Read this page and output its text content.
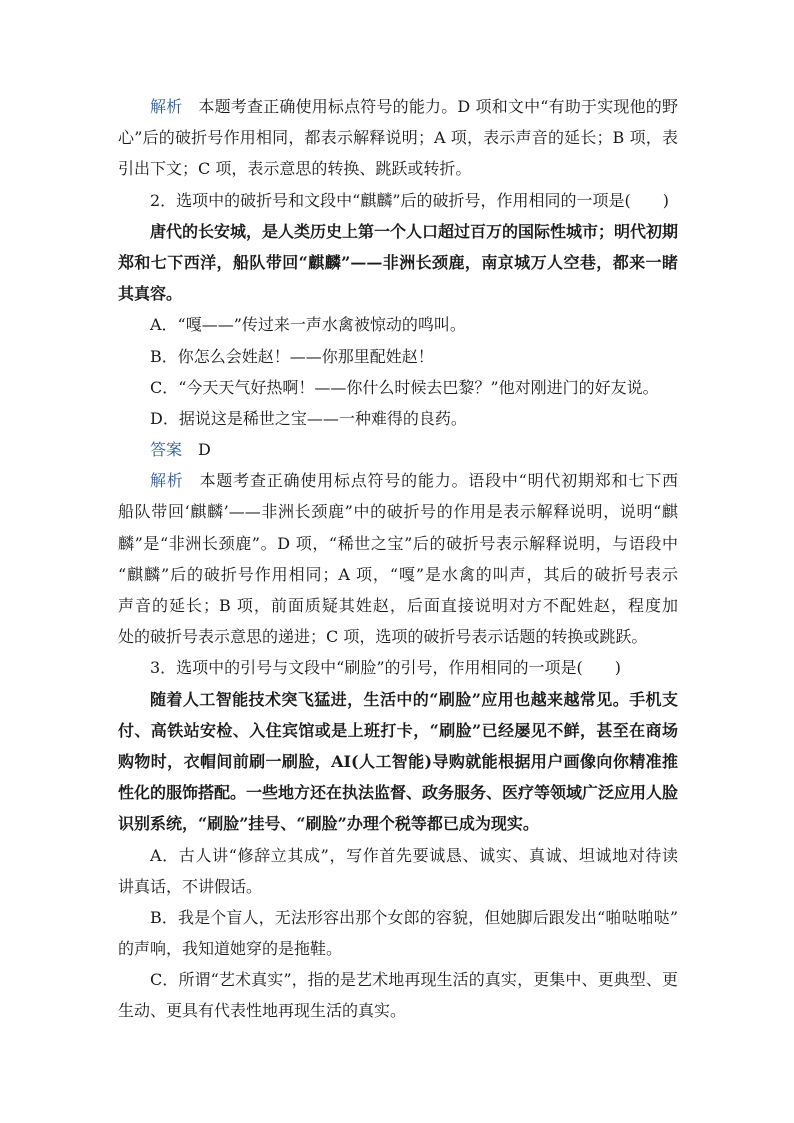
解析 本题考查正确使用标点符号的能力。D 项和文中“有助于实现他的野
心”后的破折号作用相同，都表示解释说明；A 项，表示声音的延长；B 项，表
引出下文；C 项，表示意思的转换、跳跃或转折。
2．选项中的破折号和文段中“麒麟”后的破折号，作用相同的一项是(　　)
唐代的长安城，是人类历史上第一个人口超过百万的国际性城市；明代初期
郑和七下西洋，船队带回“麒麟”——非洲长颈鹿，南京城万人空巷，都来一睹
其真容。
A．“嘎——”传过来一声水禽被惊动的鸣叫。
B．你怎么会姓赵！——你那里配姓赵！
C．“今天天气好热啊！——你什么时候去巴黎？”他对刚进门的好友说。
D．据说这是稀世之宝——一种难得的良药。
答案 D
解析 本题考查正确使用标点符号的能力。语段中“明代初期郑和七下西
船队带回‘麒麟’——非洲长颈鹿”中的破折号的作用是表示解释说明，说明“麒
麟”是“非洲长颈鹿”。D 项，“稀世之宝”后的破折号表示解释说明，与语段中
“麒麟”后的破折号作用相同；A 项，“嘎”是水禽的叫声，其后的破折号表示
声音的延长；B 项，前面质疑其姓赵，后面直接说明对方不配姓赵，程度加
处的破折号表示意思的递进；C 项，选项的破折号表示话题的转换或跳跃。
3．选项中的引号与文段中“刷脸”的引号，作用相同的一项是(　　)
随着人工智能技术突飞猛进，生活中的“刷脸”应用也越来越常见。手机支
付、高铁站安检、入住宾馆或是上班打卡，“刷脸”已经屡见不鲜，甚至在商场
购物时，衣帽间前刷一刷脸，AI(人工智能)导购就能根据用户画像向你精准推
性化的服饰搭配。一些地方还在执法监督、政务服务、医疗等领域广泛应用人脸
识别系统，“刷脸”挂号、“刷脸”办理个税等都已成为现实。
A．古人讲“修辞立其成”，写作首先要诚恳、诚实、真诚、坦诚地对待读
讲真话，不讲假话。
B．我是个盲人，无法形容出那个女郎的容貌，但她脚后跟发出“啪哒啪哒”
的声响，我知道她穿的是拖鞋。
C．所谓“艺术真实”，指的是艺术地再现生活的真实，更集中、更典型、更
生动、更具有代表性地再现生活的真实。
